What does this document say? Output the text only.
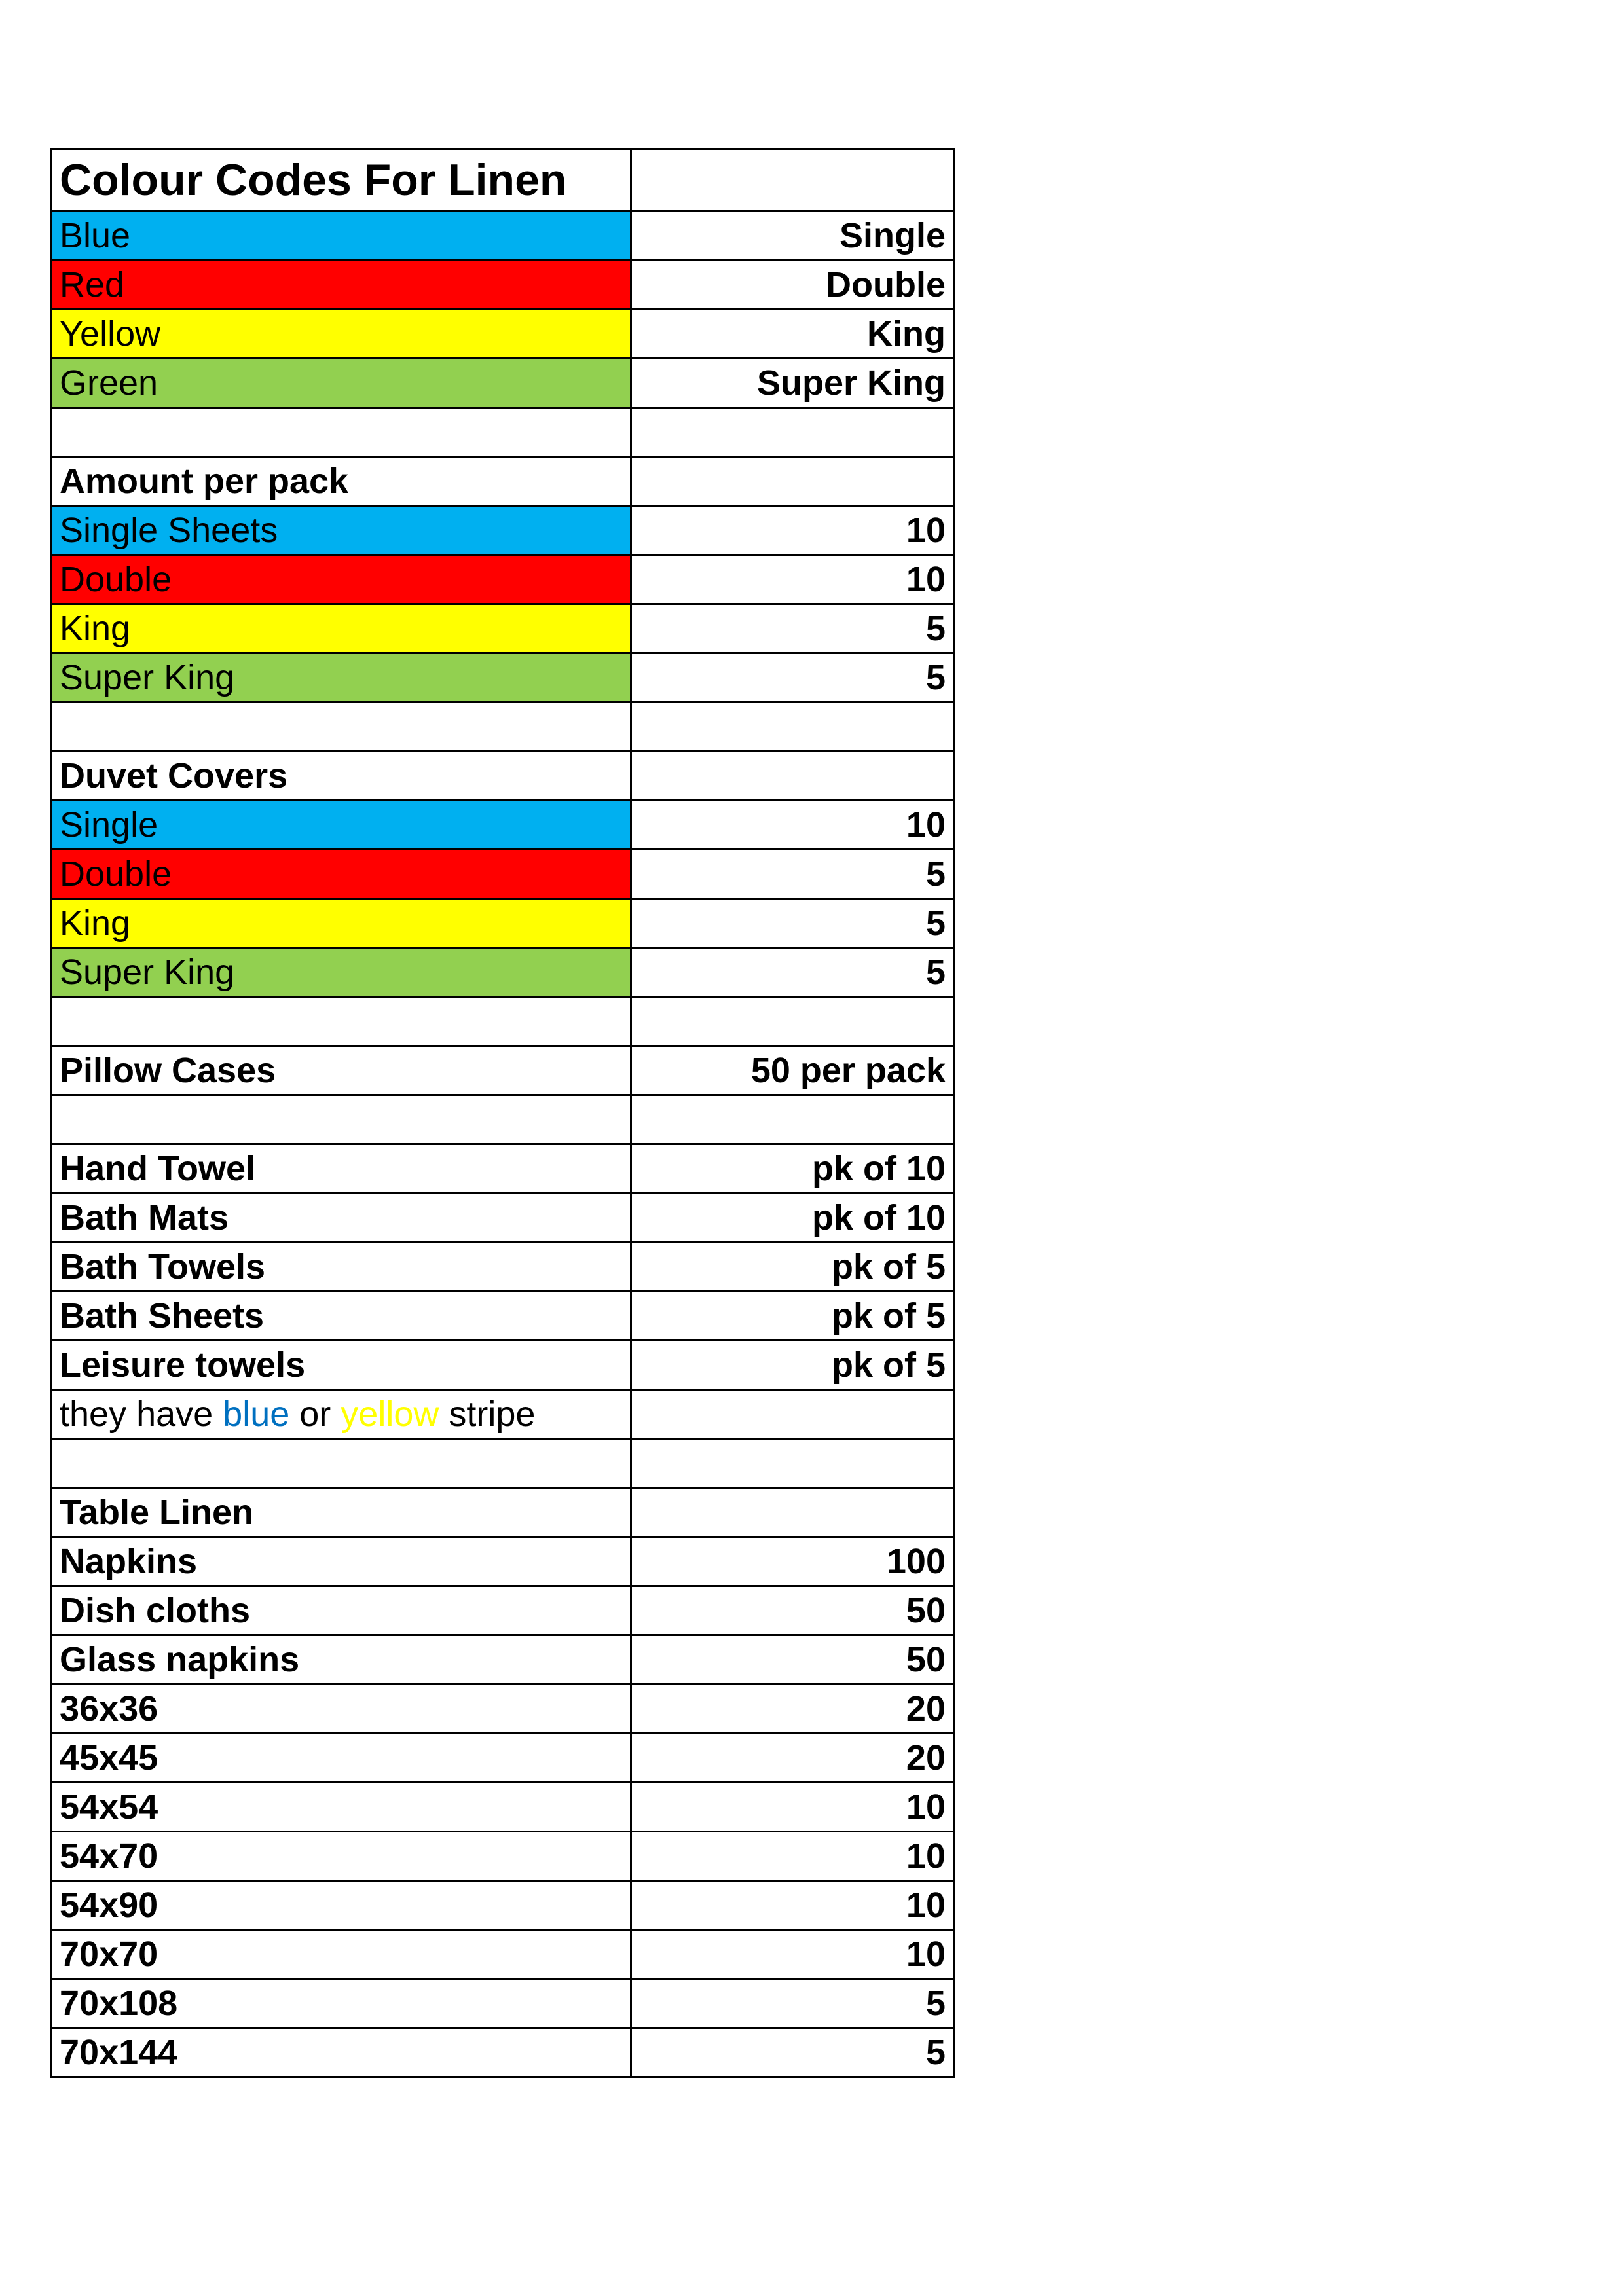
Colour Codes For Linen	
Blue	Single
Red	Double
Yellow	King
Green	Super King

Amount per pack	
Single Sheets	10
Double	10
King	5
Super King	5

Duvet Covers	
Single	10
Double	5
King	5
Super King	5

Pillow Cases	50 per pack

Hand Towel	pk of 10
Bath Mats	pk of 10
Bath Towels	pk of 5
Bath Sheets	pk of 5
Leisure towels	pk of 5
they have blue or yellow stripe	

Table Linen	
Napkins	100
Dish cloths	50
Glass napkins	50
36x36	20
45x45	20
54x54	10
54x70	10
54x90	10
70x70	10
70x108	5
70x144	5
